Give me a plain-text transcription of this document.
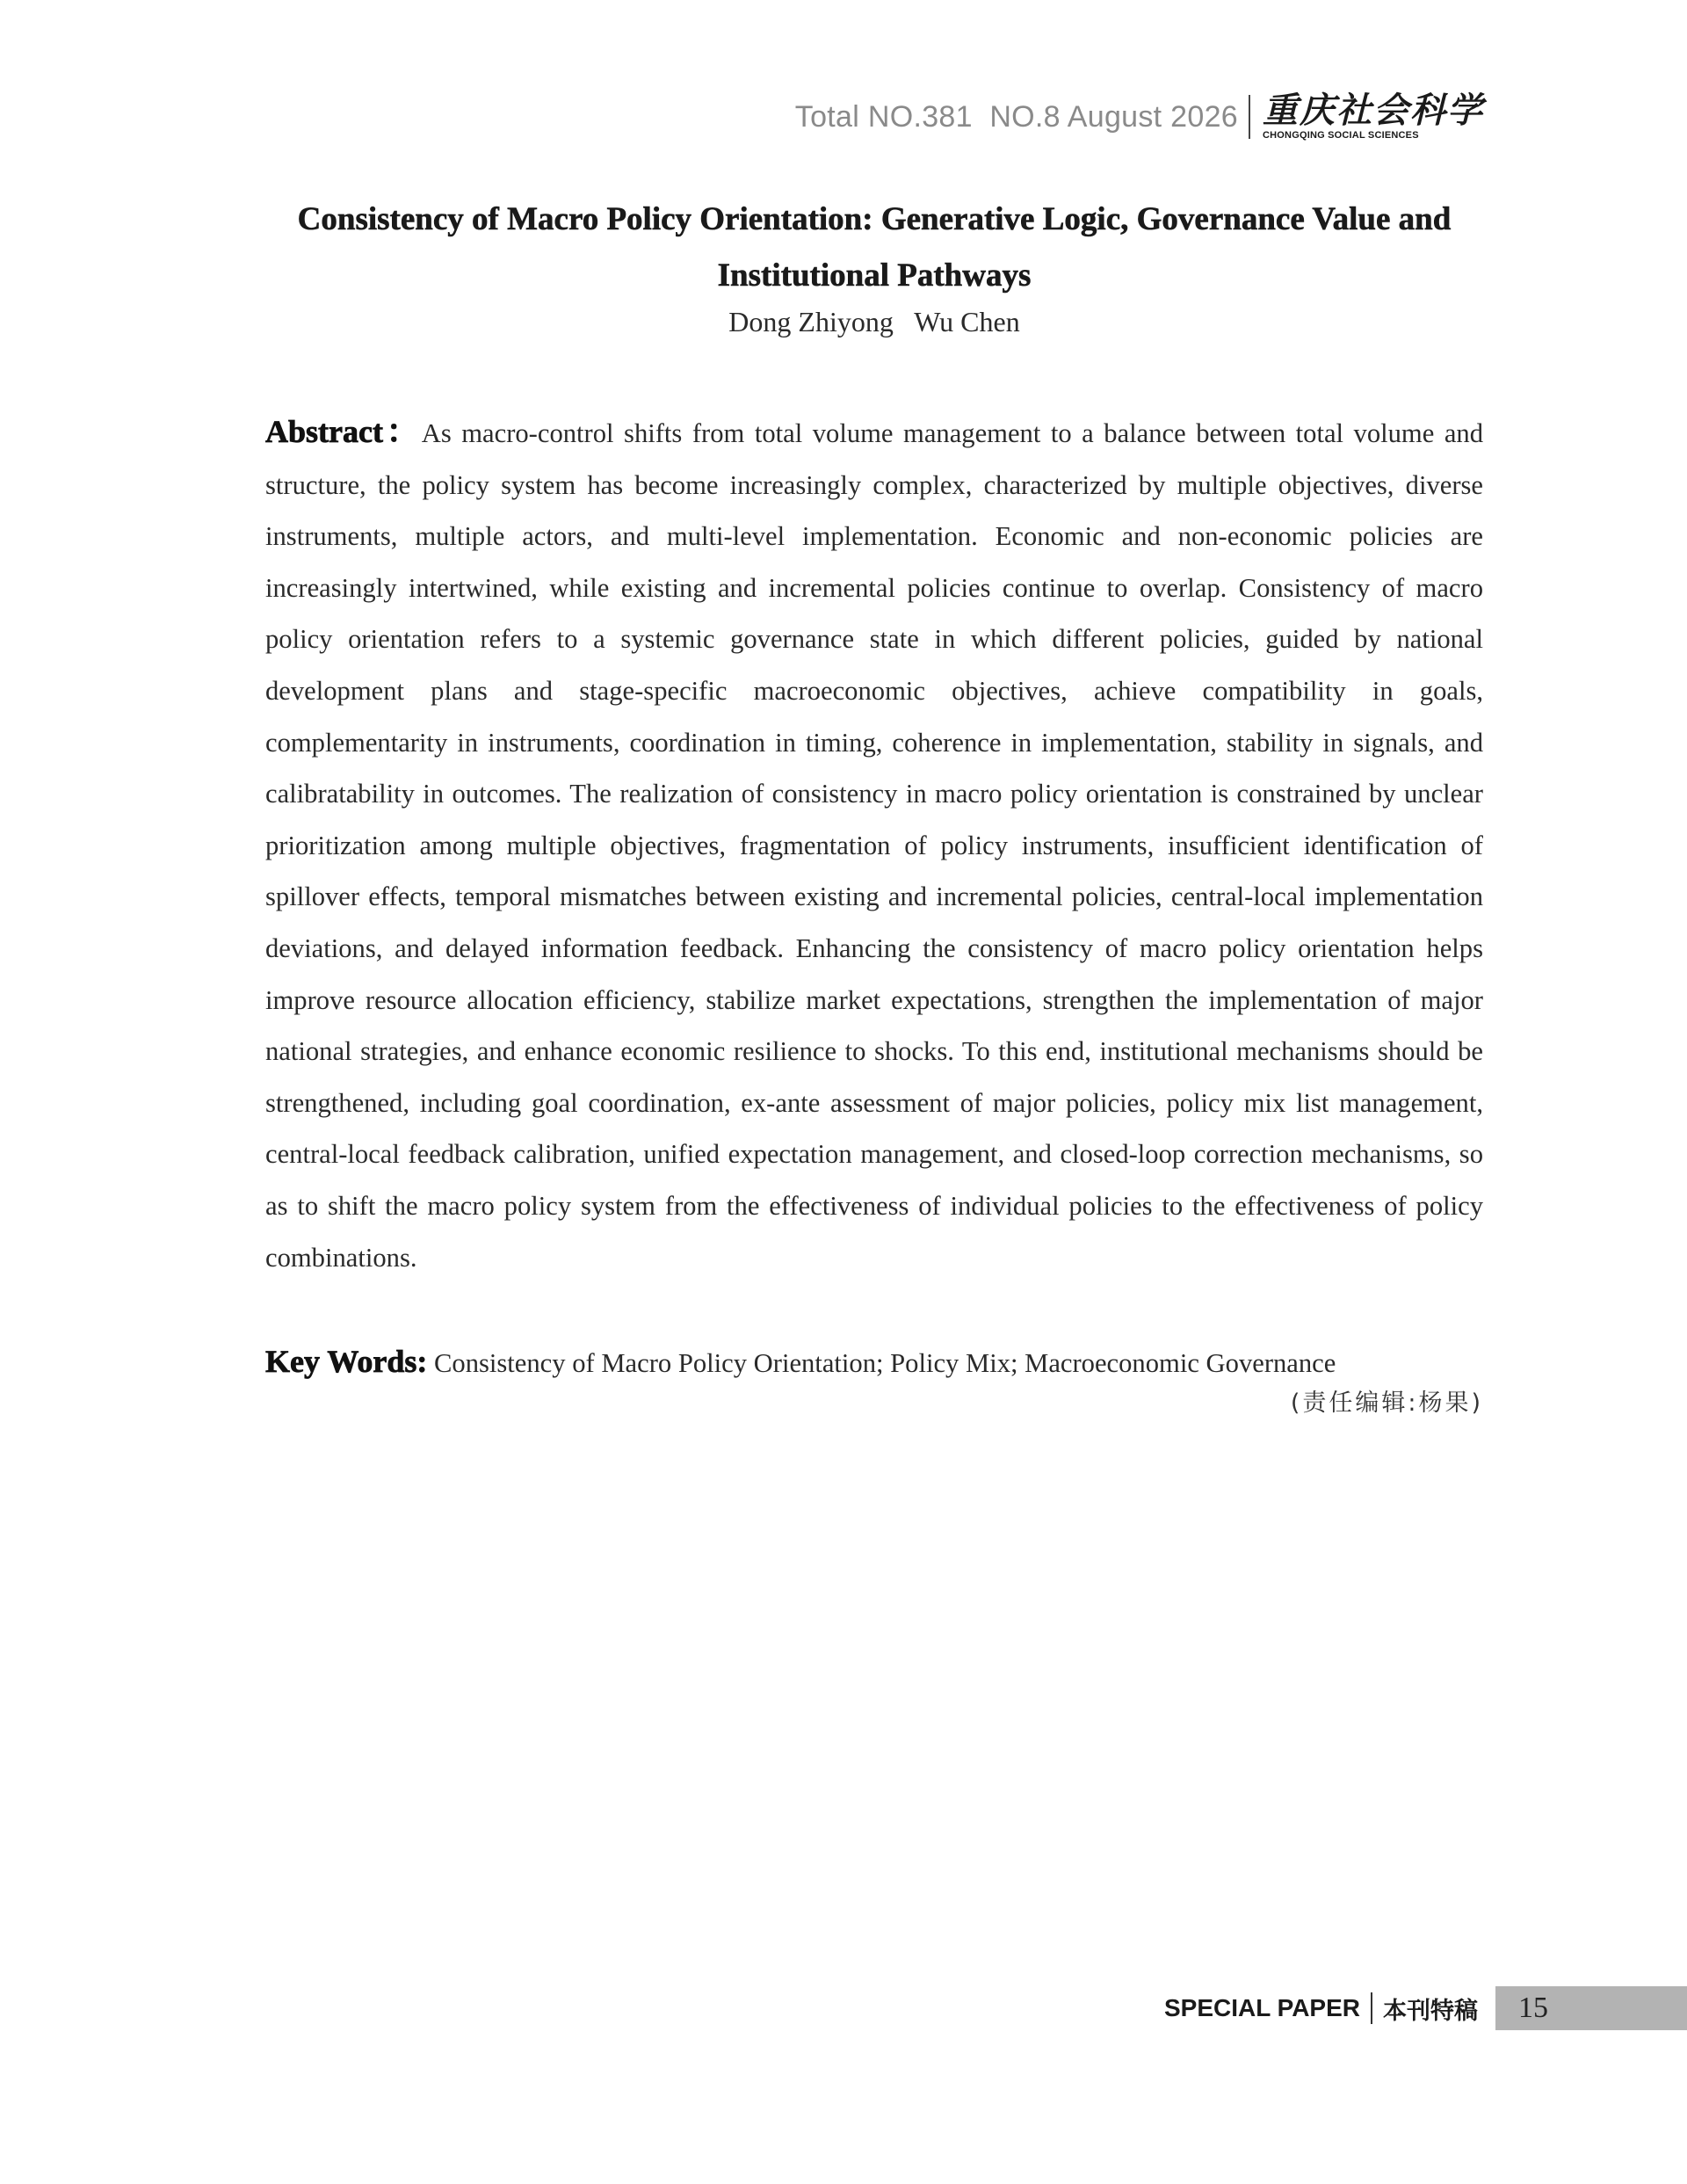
Total NO.381  NO.8 August 2026 重庆社会科学
CHONGQING SOCIAL SCIENCES
Consistency of Macro Policy Orientation: Generative Logic, Governance Value and Institutional Pathways
Dong Zhiyong   Wu Chen
Abstract：As macro-control shifts from total volume management to a balance between total volume and structure, the policy system has become increasingly complex, characterized by multiple objectives, diverse instruments, multiple actors, and multi-level implementation. Economic and non-economic policies are increasingly intertwined, while existing and incremental policies continue to overlap. Consistency of macro policy orientation refers to a systemic governance state in which different policies, guided by national development plans and stage-specific macroeconomic objectives, achieve compatibility in goals, complementarity in instruments, coordination in timing, coherence in implementation, stability in signals, and calibratability in outcomes. The realization of consistency in macro policy orientation is constrained by unclear prioritization among multiple objectives, fragmentation of policy instruments, insufficient identification of spillover effects, temporal mismatches between existing and incremental policies, central-local implementation deviations, and delayed information feedback. Enhancing the consistency of macro policy orientation helps improve resource allocation efficiency, stabilize market expectations, strengthen the implementation of major national strategies, and enhance economic resilience to shocks. To this end, institutional mechanisms should be strengthened, including goal coordination, ex-ante assessment of major policies, policy mix list management, central-local feedback calibration, unified expectation management, and closed-loop correction mechanisms, so as to shift the macro policy system from the effectiveness of individual policies to the effectiveness of policy combinations.
Key Words: Consistency of Macro Policy Orientation; Policy Mix; Macroeconomic Governance
(责任编辑:杨果)
SPECIAL PAPER 本刊特稿 15
